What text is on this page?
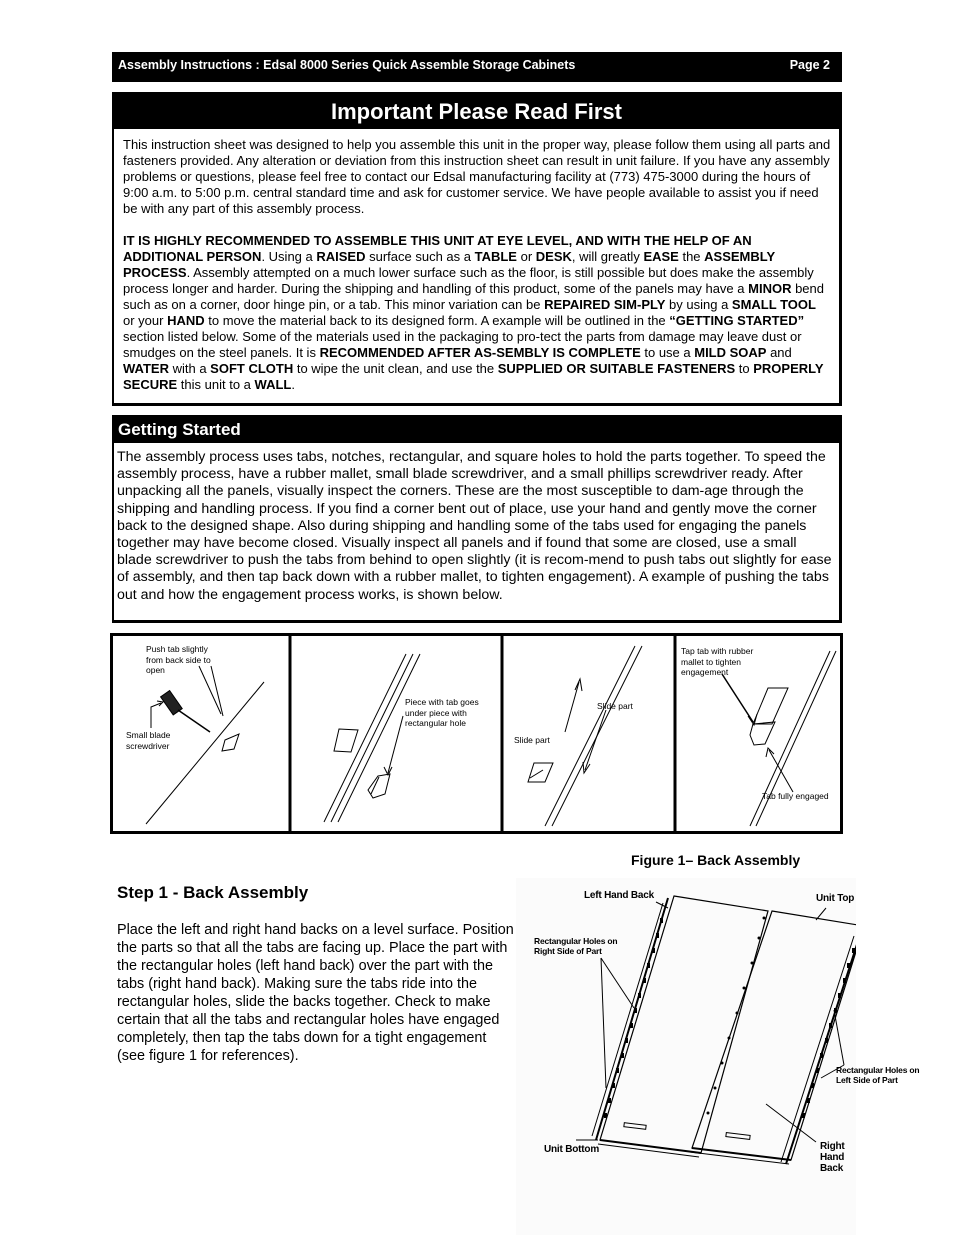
Assembly Instructions : Edsal 8000 Series Quick Assemble Storage Cabinets	Page 2
Important Please Read First

This instruction sheet was designed to help you assemble this unit in the proper way, please follow them using all parts and fasteners provided. Any alteration or deviation from this instruction sheet can result in unit failure. If you have any assembly problems or questions, please feel free to contact our Edsal manufacturing facility at (773) 475-3000 during the hours of 9:00 a.m. to 5:00 p.m. central standard time and ask for customer service. We have people available to assist you if need be with any part of this assembly process.

IT IS HIGHLY RECOMMENDED TO ASSEMBLE THIS UNIT AT EYE LEVEL, AND WITH THE HELP OF AN ADDITIONAL PERSON. Using a RAISED surface such as a TABLE or DESK, will greatly EASE the ASSEMBLY PROCESS. Assembly attempted on a much lower surface such as the floor, is still possible but does make the assembly process longer and harder. During the shipping and handling of this product, some of the panels may have a MINOR bend such as on a corner, door hinge pin, or a tab. This minor variation can be REPAIRED SIM-PLY by using a SMALL TOOL or your HAND to move the material back to its designed form. A example will be outlined in the “GETTING STARTED” section listed below. Some of the materials used in the packaging to pro-tect the parts from damage may leave dust or smudges on the steel panels. It is RECOMMENDED AFTER AS-SEMBLY IS COMPLETE to use a MILD SOAP and WATER with a SOFT CLOTH to wipe the unit clean, and use the SUPPLIED OR SUITABLE FASTENERS to PROPERLY SECURE this unit to a WALL.

Getting Started
The assembly process uses tabs, notches, rectangular, and square holes to hold the parts together. To speed the assembly process, have a rubber mallet, small blade screwdriver, and a small phillips screwdriver ready. After unpacking all the panels, visually inspect the corners. These are the most susceptible to dam-age through the shipping and handling process. If you find a corner bent out of place, use your hand and gently move the corner back to the designed shape. Also during shipping and handling some of the tabs used for engaging the panels together may have become closed. Visually inspect all panels and if found that some are closed, use a small blade screwdriver to push the tabs from behind to open slightly (it is recom-mend to push tabs out slightly for ease of assembly, and then tap back down with a rubber mallet, to tighten engagement). A example of pushing the tabs out and how the engagement process works, is shown below.
Push tab slightly from back side to open
Small blade screwdriver
Piece with tab goes under piece with rectangular hole
Slide part
Slide part
Tap tab with rubber mallet to tighten engagement
Tab fully engaged
Figure 1– Back Assembly
Step 1 - Back Assembly
Place the left and right hand backs on a level surface. Position the parts so that all the tabs are facing up. Place the part with the rectangular holes (left hand back) over the part with the tabs (right hand back). Making sure the tabs ride into the rectangular holes, slide the backs together. Check to make certain that all the tabs and rectangular holes have engaged completely, then tap the tabs down for a tight engagement (see figure 1 for references).
Left Hand Back	Unit Top
Rectangular Holes on Right Side of Part
Rectangular Holes on Left Side of Part
Unit Bottom	Right Hand Back
